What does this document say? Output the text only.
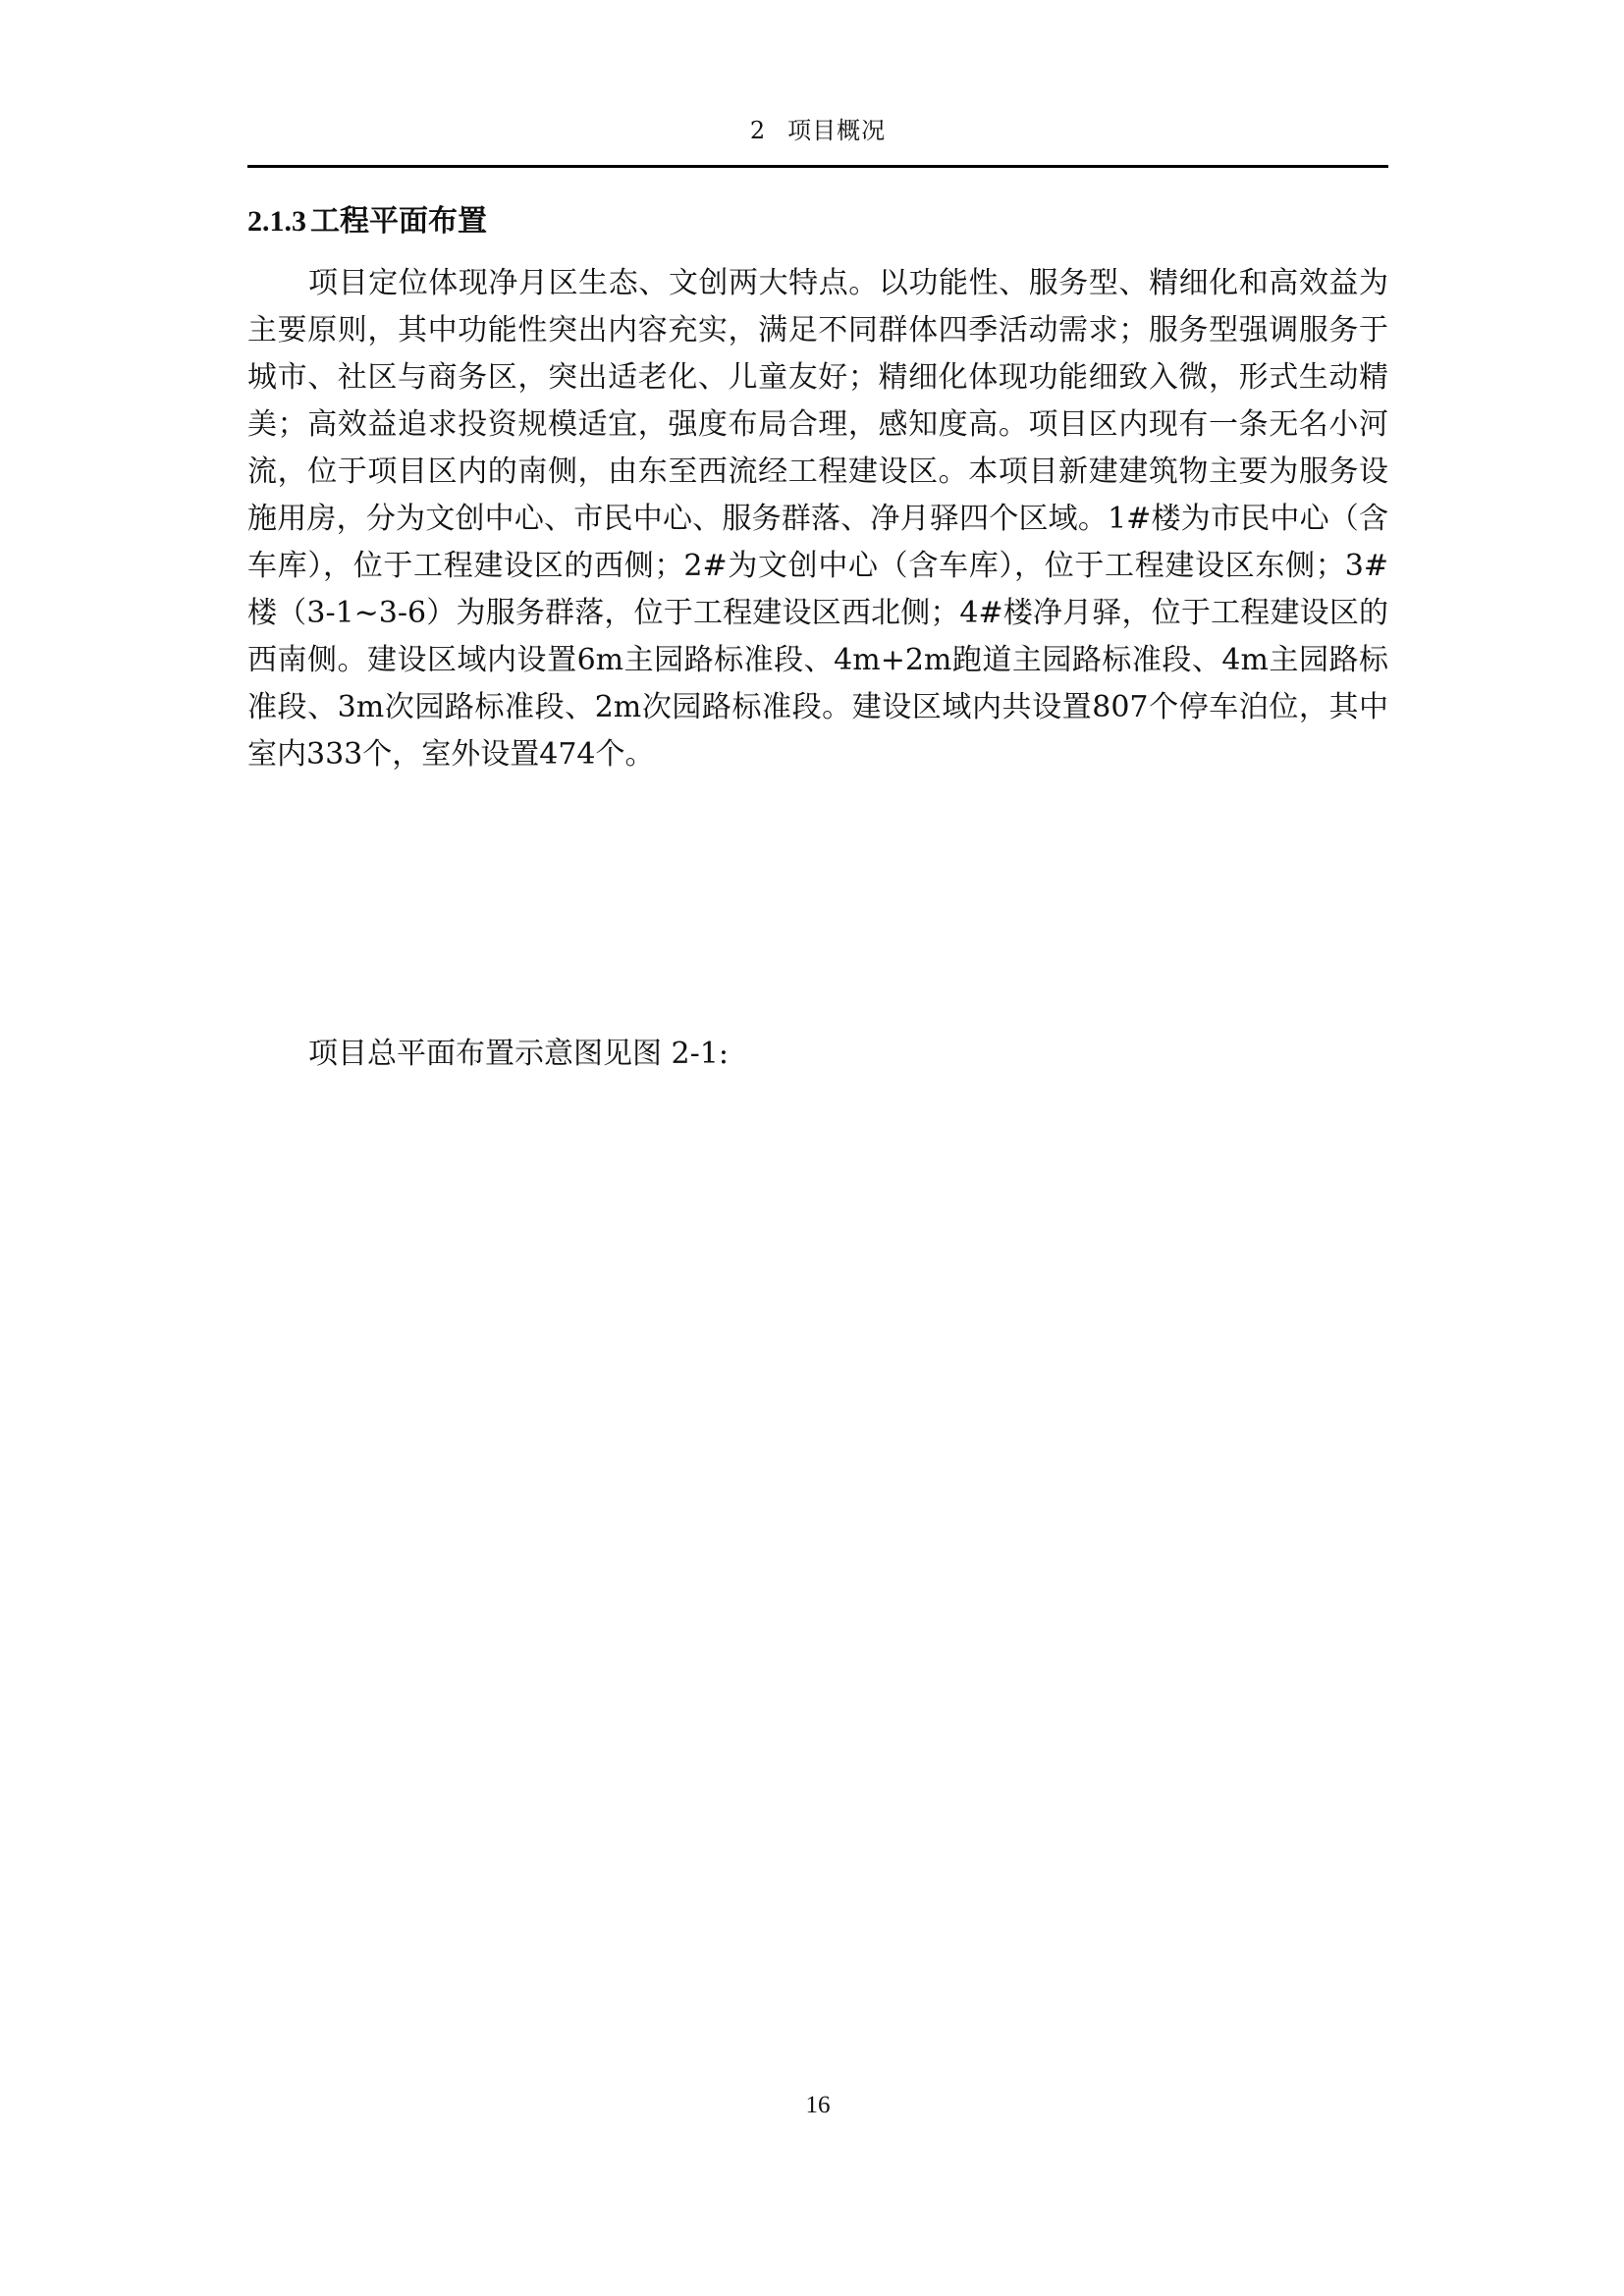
2 项目概况
2.1.3 工程平面布置

项目定位体现净月区生态、文创两大特点。以功能性、服务型、精细化和高效益为主要原则，其中功能性突出内容充实，满足不同群体四季活动需求；服务型强调服务于城市、社区与商务区，突出适老化、儿童友好；精细化体现功能细致入微，形式生动精美；高效益追求投资规模适宜，强度布局合理，感知度高。项目区内现有一条无名小河流，位于项目区内的南侧，由东至西流经工程建设区。本项目新建建筑物主要为服务设施用房，分为文创中心、市民中心、服务群落、净月驿四个区域。1#楼为市民中心（含车库），位于工程建设区的西侧；2#为文创中心（含车库），位于工程建设区东侧；3#楼（3-1~3-6）为服务群落，位于工程建设区西北侧；4#楼净月驿，位于工程建设区的西南侧。建设区域内设置6m主园路标准段、4m+2m跑道主园路标准段、4m主园路标准段、3m次园路标准段、2m次园路标准段。建设区域内共设置807个停车泊位，其中室内333个，室外设置474个。

项目总平面布置示意图见图 2-1:

16
